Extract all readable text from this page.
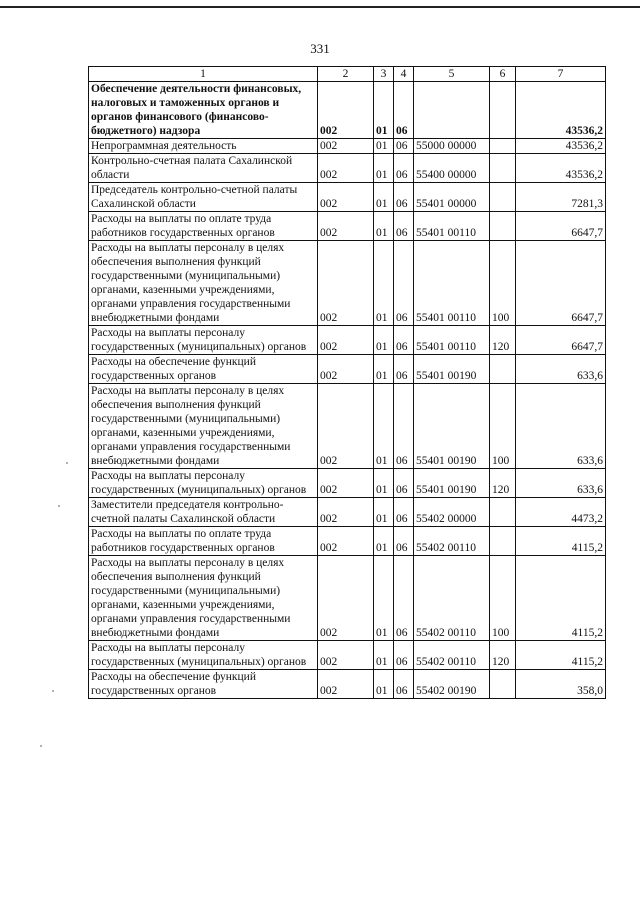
331
1	2	3	4	5	6	7
Обеспечение деятельности финансовых, налоговых и таможенных органов и органов финансового (финансово-бюджетного) надзора	002	01	06			43536,2
Непрограммная деятельность	002	01	06	55000 00000		43536,2
Контрольно-счетная палата Сахалинской области	002	01	06	55400 00000		43536,2
Председатель контрольно-счетной палаты Сахалинской области	002	01	06	55401 00000		7281,3
Расходы на выплаты по оплате труда работников государственных органов	002	01	06	55401 00110		6647,7
Расходы на выплаты персоналу в целях обеспечения выполнения функций государственными (муниципальными) органами, казенными учреждениями, органами управления государственными внебюджетными фондами	002	01	06	55401 00110	100	6647,7
Расходы на выплаты персоналу государственных (муниципальных) органов	002	01	06	55401 00110	120	6647,7
Расходы на обеспечение функций государственных органов	002	01	06	55401 00190		633,6
Расходы на выплаты персоналу в целях обеспечения выполнения функций государственными (муниципальными) органами, казенными учреждениями, органами управления государственными внебюджетными фондами	002	01	06	55401 00190	100	633,6
Расходы на выплаты персоналу государственных (муниципальных) органов	002	01	06	55401 00190	120	633,6
Заместители председателя контрольно-счетной палаты Сахалинской области	002	01	06	55402 00000		4473,2
Расходы на выплаты по оплате труда работников государственных органов	002	01	06	55402 00110		4115,2
Расходы на выплаты персоналу в целях обеспечения выполнения функций государственными (муниципальными) органами, казенными учреждениями, органами управления государственными внебюджетными фондами	002	01	06	55402 00110	100	4115,2
Расходы на выплаты персоналу государственных (муниципальных) органов	002	01	06	55402 00110	120	4115,2
Расходы на обеспечение функций государственных органов	002	01	06	55402 00190		358,0
